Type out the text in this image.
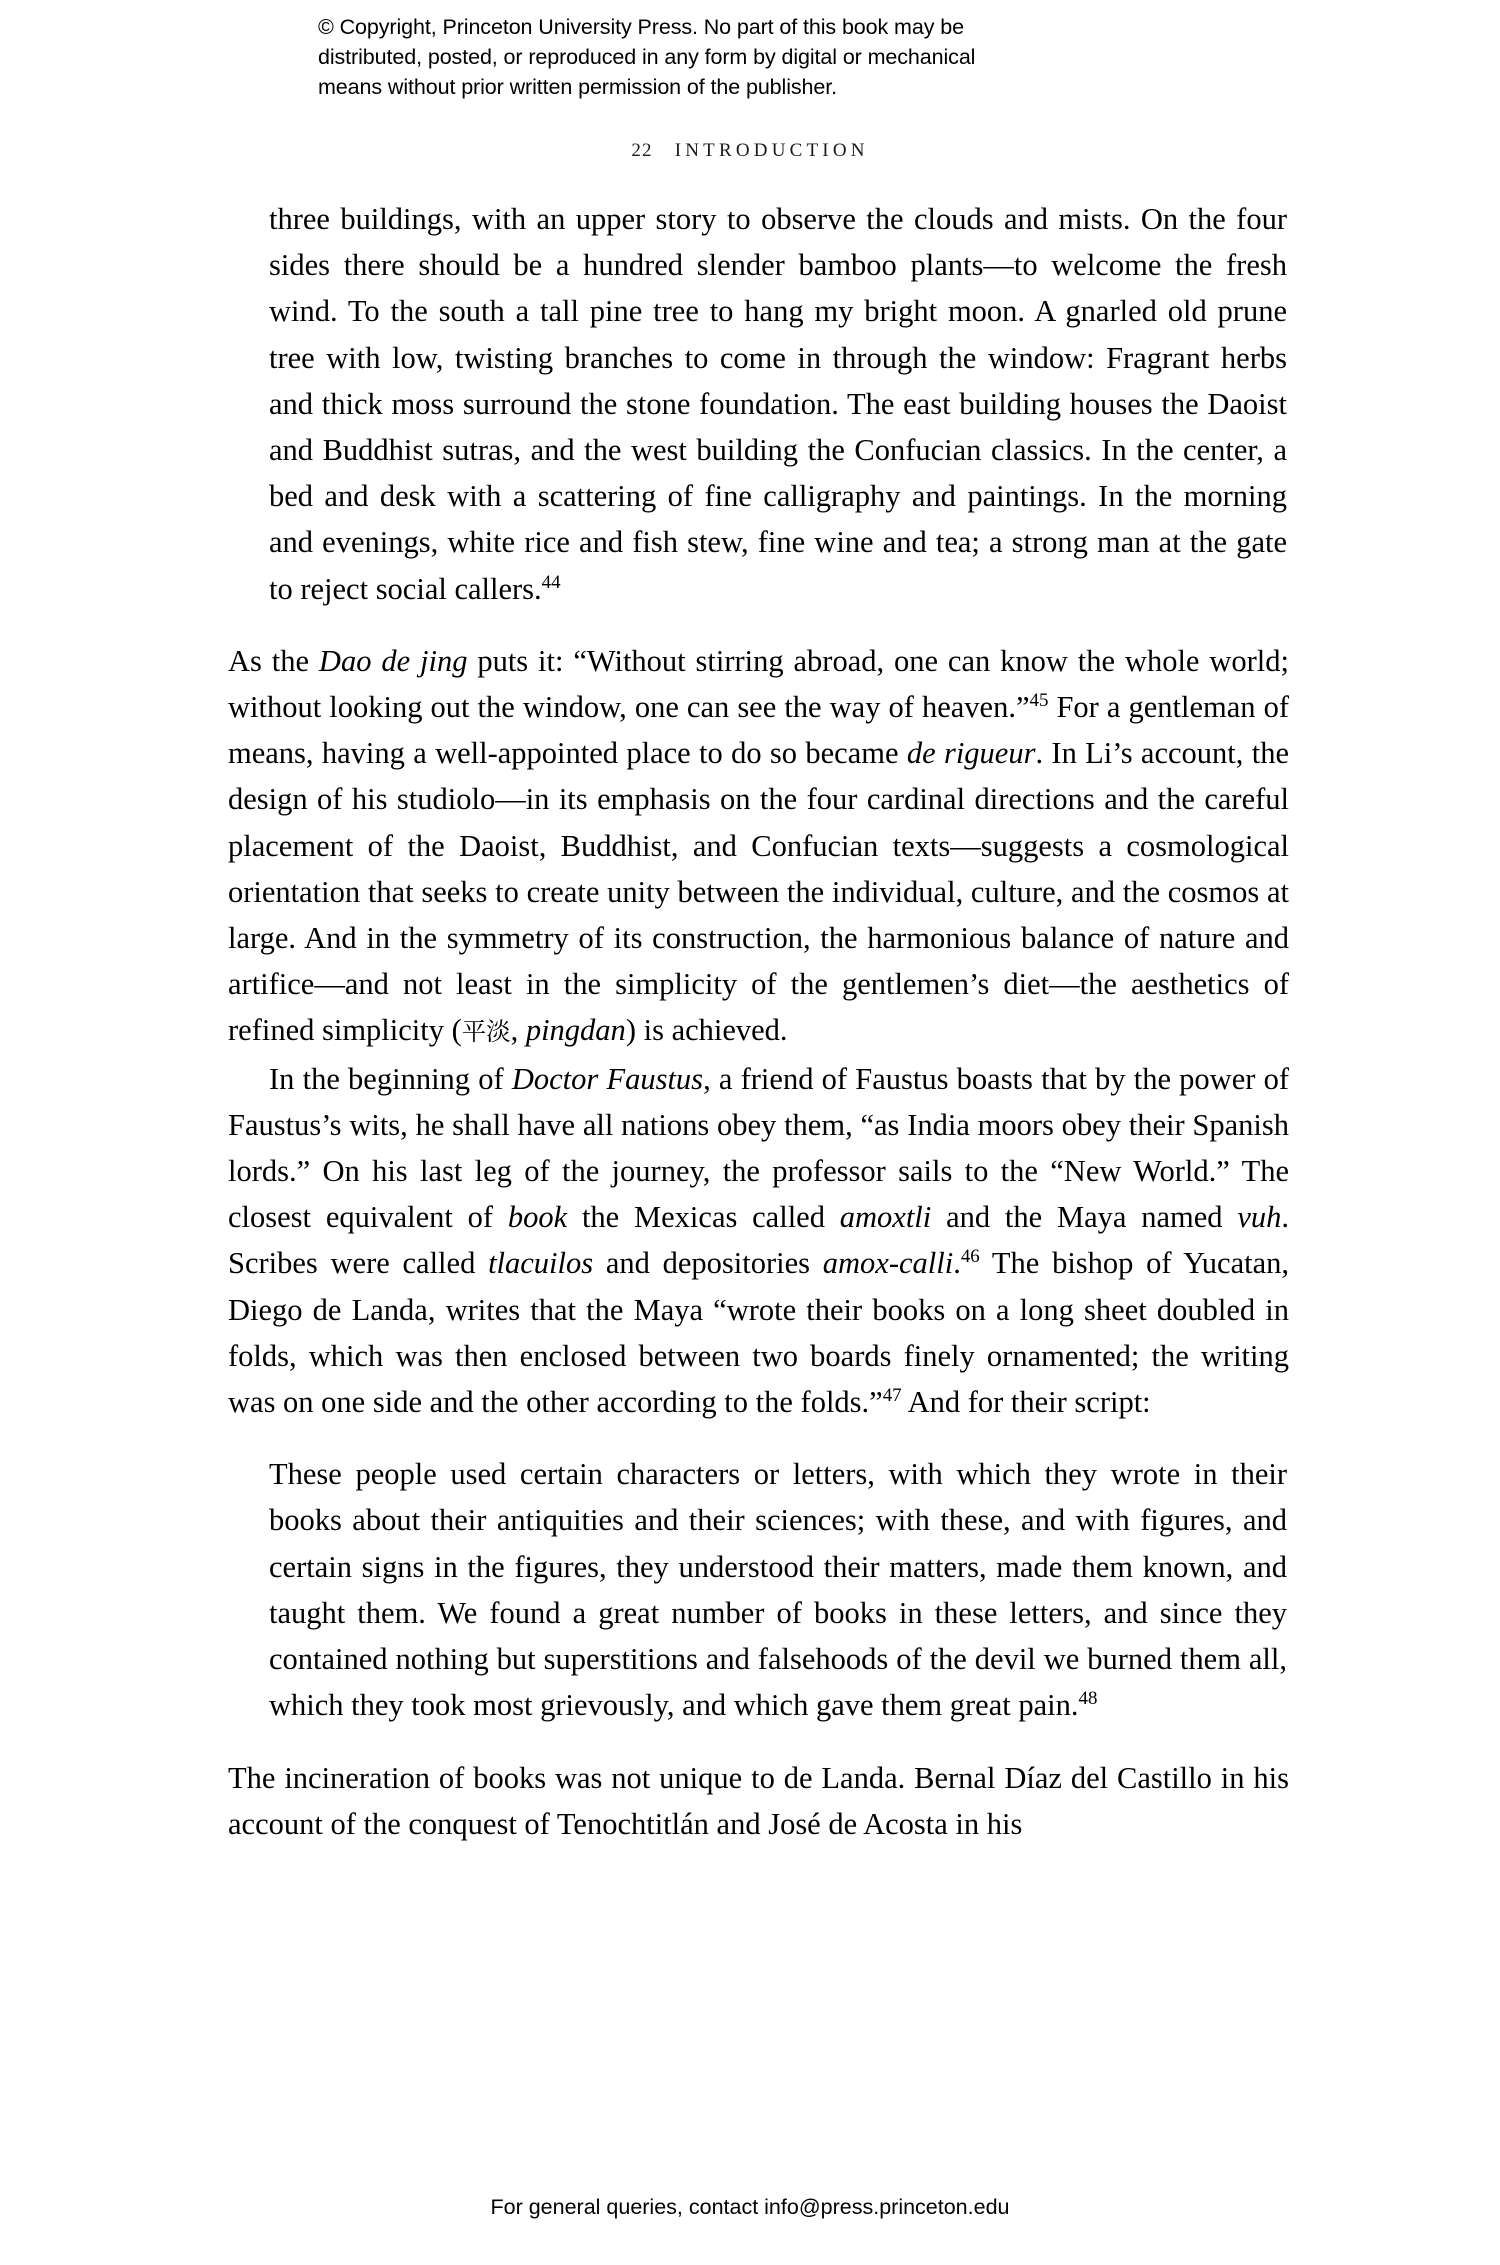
© Copyright, Princeton University Press. No part of this book may be
distributed, posted, or reproduced in any form by digital or mechanical
means without prior written permission of the publisher.
22 INTRODUCTION

three buildings, with an upper story to observe the clouds and mists. On the four sides there should be a hundred slender bamboo plants—to welcome the fresh wind. To the south a tall pine tree to hang my bright moon. A gnarled old prune tree with low, twisting branches to come in through the window: Fragrant herbs and thick moss surround the stone foundation. The east building houses the Daoist and Buddhist sutras, and the west building the Confucian classics. In the center, a bed and desk with a scattering of fine calligraphy and paintings. In the morning and evenings, white rice and fish stew, fine wine and tea; a strong man at the gate to reject social callers.$^{44}$

As the Dao de jing puts it: “Without stirring abroad, one can know the whole world; without looking out the window, one can see the way of heaven.”$^{45}$ For a gentleman of means, having a well-appointed place to do so became de rigueur. In Li’s account, the design of his studiolo—in its emphasis on the four cardinal directions and the careful placement of the Daoist, Buddhist, and Confucian texts—suggests a cosmological orientation that seeks to create unity between the individual, culture, and the cosmos at large. And in the symmetry of its construction, the harmonious balance of nature and artifice—and not least in the simplicity of the gentlemen’s diet—the aesthetics of refined simplicity (平淡, pingdan) is achieved.

In the beginning of Doctor Faustus, a friend of Faustus boasts that by the power of Faustus’s wits, he shall have all nations obey them, “as India moors obey their Spanish lords.” On his last leg of the journey, the professor sails to the “New World.” The closest equivalent of book the Mexicas called amoxtli and the Maya named vuh. Scribes were called tlacuilos and depositories amox-calli.$^{46}$ The bishop of Yucatan, Diego de Landa, writes that the Maya “wrote their books on a long sheet doubled in folds, which was then enclosed between two boards finely ornamented; the writing was on one side and the other according to the folds.”$^{47}$ And for their script:

These people used certain characters or letters, with which they wrote in their books about their antiquities and their sciences; with these, and with figures, and certain signs in the figures, they understood their matters, made them known, and taught them. We found a great number of books in these letters, and since they contained nothing but superstitions and falsehoods of the devil we burned them all, which they took most grievously, and which gave them great pain.$^{48}$

The incineration of books was not unique to de Landa. Bernal Díaz del Castillo in his account of the conquest of Tenochtitlán and José de Acosta in his

For general queries, contact info@press.princeton.edu
